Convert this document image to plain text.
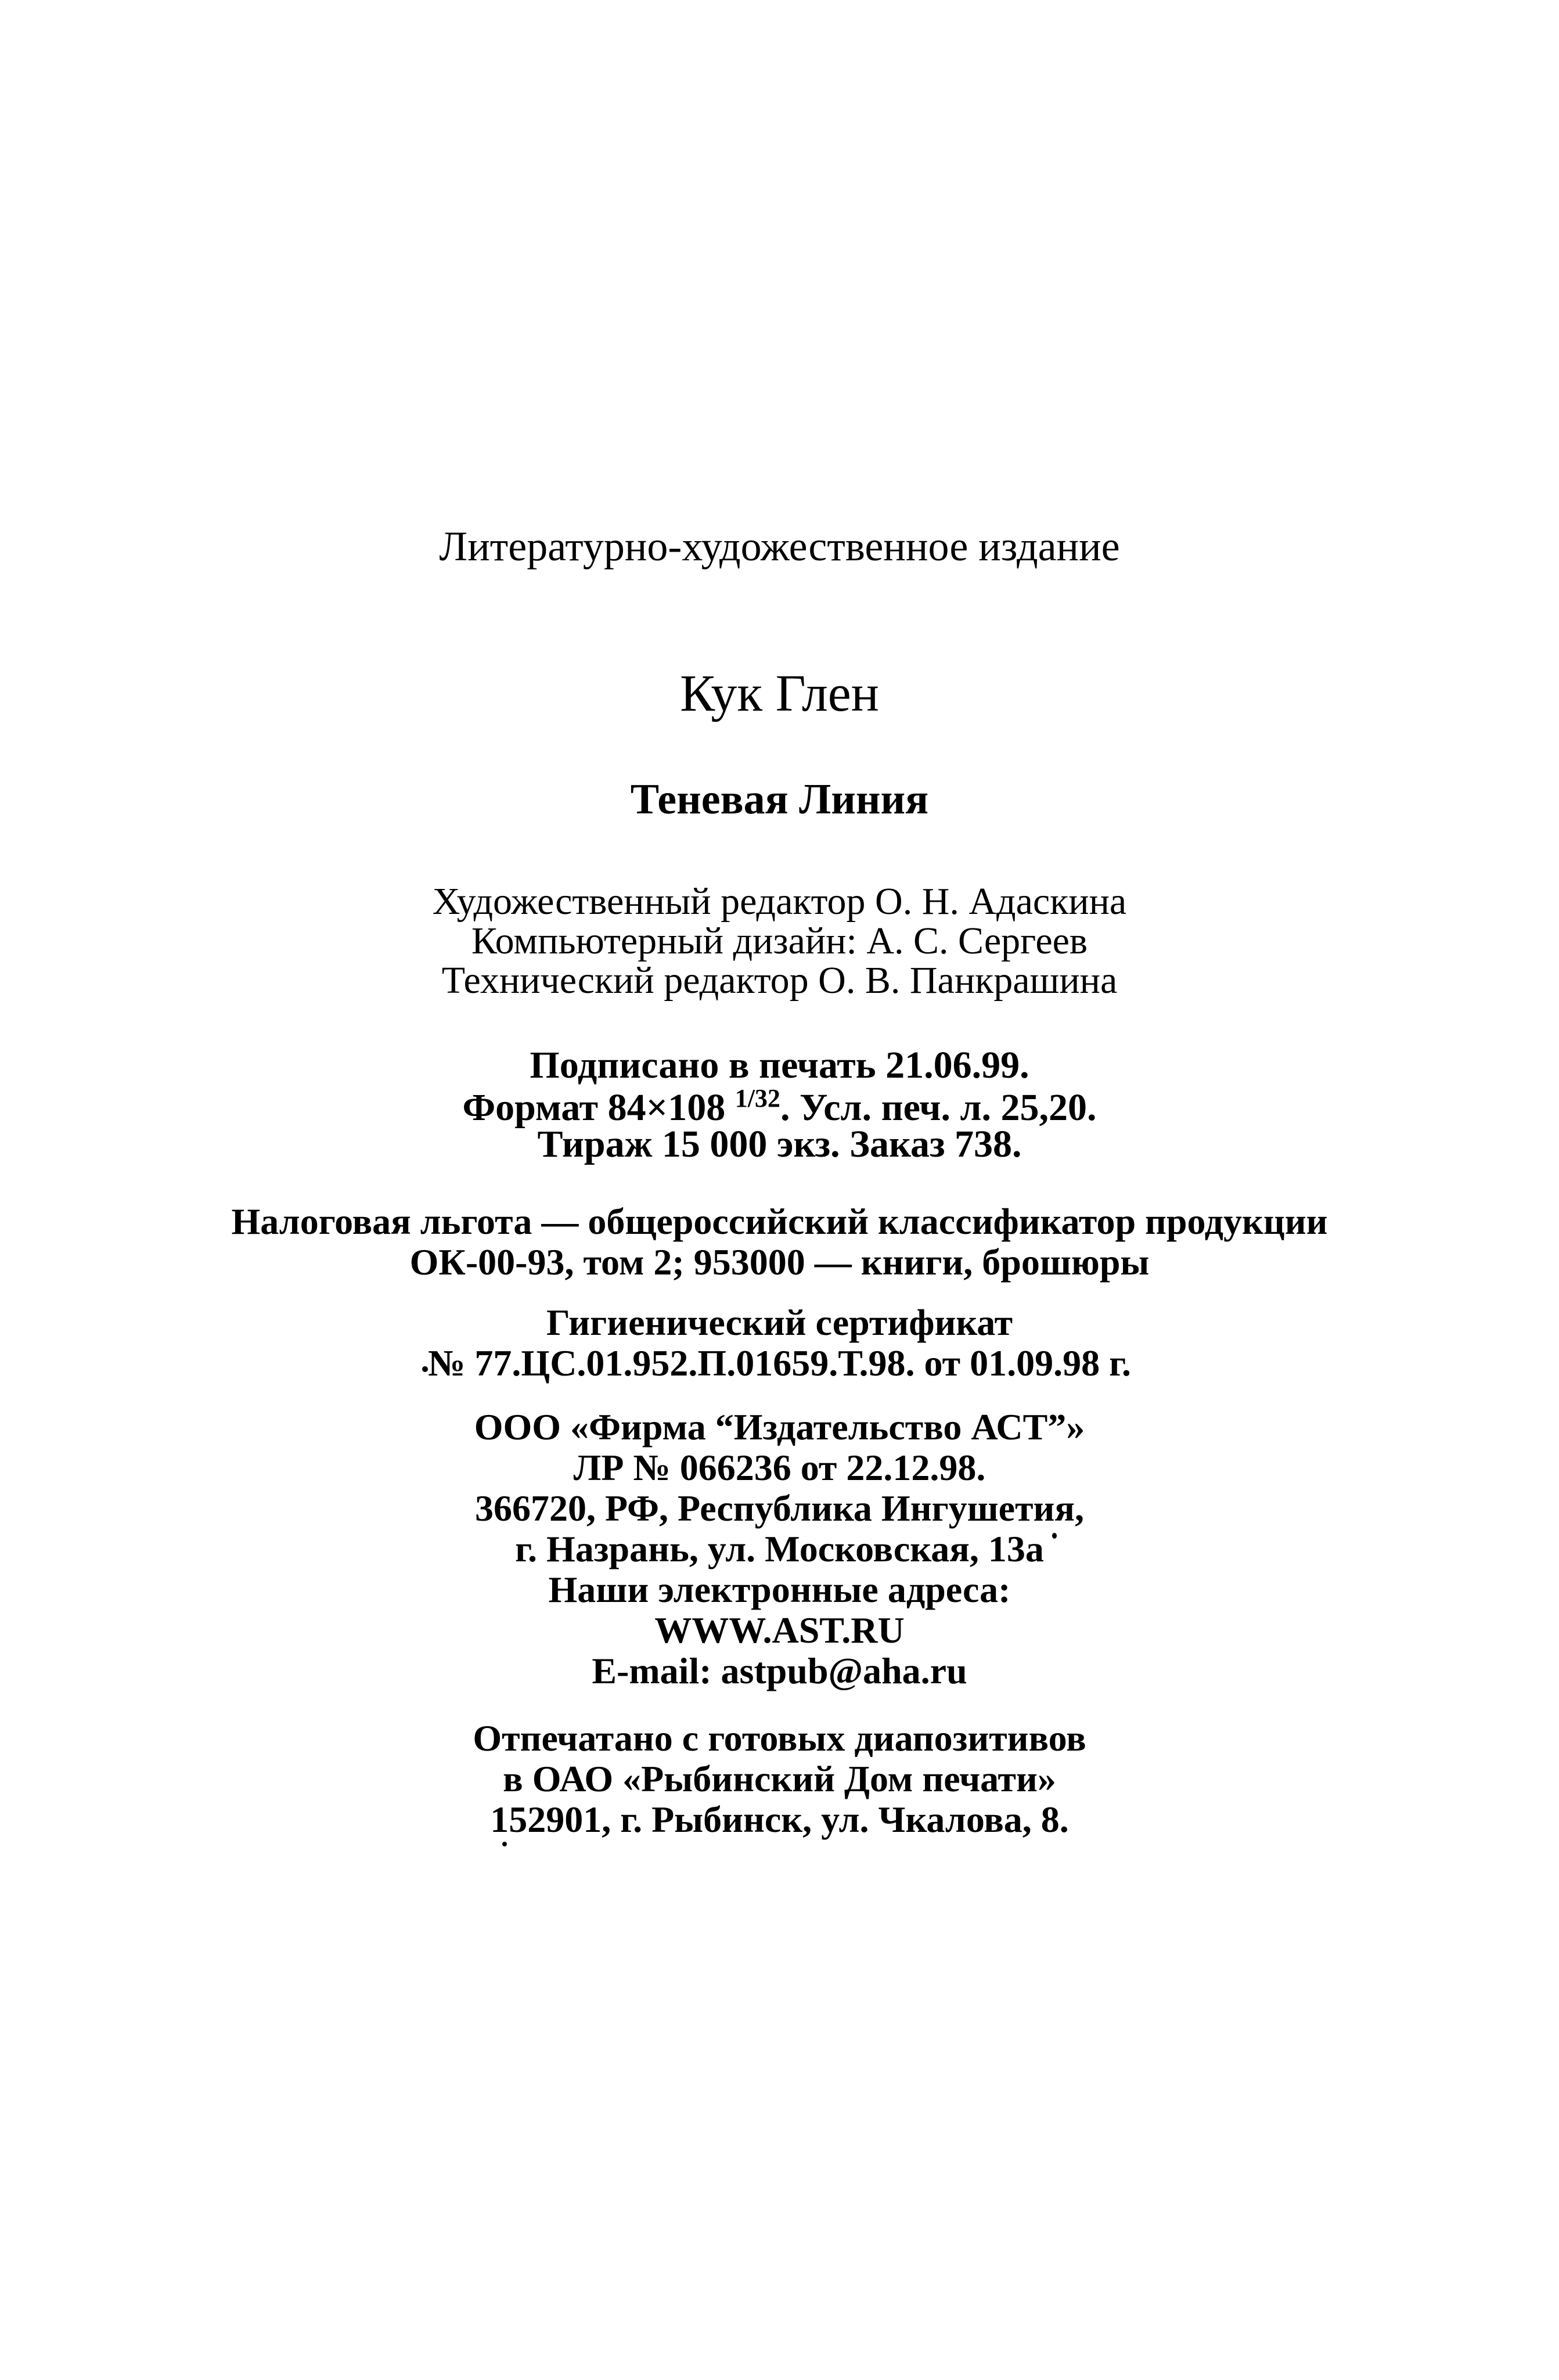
Литературно-художественное издание
Кук Глен
Теневая Линия
Художественный редактор О. Н. Адаскина
Компьютерный дизайн: А. С. Сергеев
Технический редактор О. В. Панкрашина
Подписано в печать 21.06.99.
Формат 84×108 $^{1/32}$. Усл. печ. л. 25,20.
Тираж 15 000 экз. Заказ 738.
Налоговая льгота — общероссийский классификатор продукции
ОК-00-93, том 2; 953000 — книги, брошюры
Гигиенический сертификат
№ 77.ЦС.01.952.П.01659.Т.98. от 01.09.98 г.
ООО «Фирма “Издательство АСТ”»
ЛР № 066236 от 22.12.98.
366720, РФ, Республика Ингушетия,
г. Назрань, ул. Московская, 13а
Наши электронные адреса:
WWW.AST.RU
E-mail: astpub@aha.ru
Отпечатано с готовых диапозитивов
в ОАО «Рыбинский Дом печати»
152901, г. Рыбинск, ул. Чкалова, 8.
